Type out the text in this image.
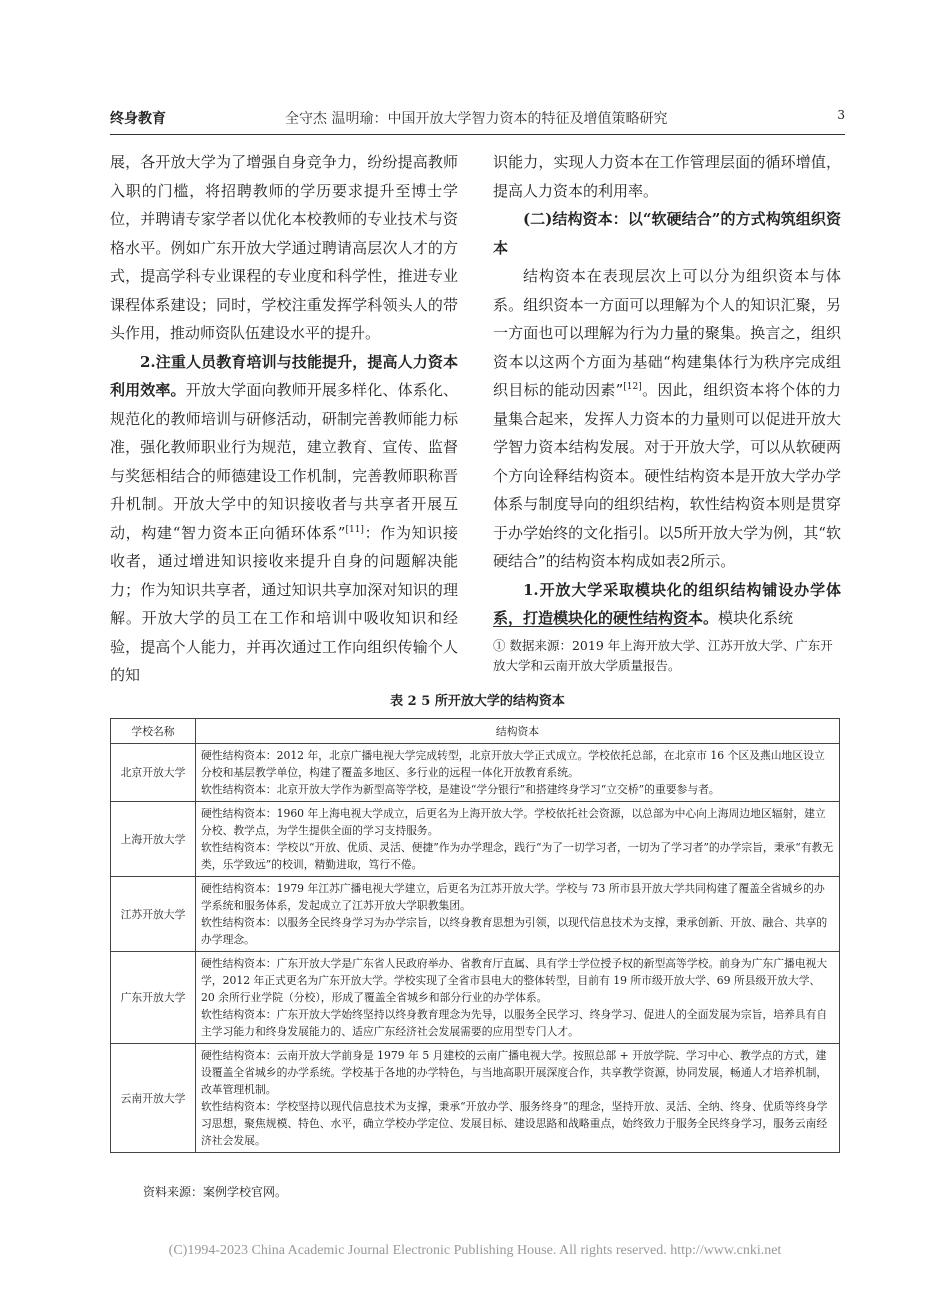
终身教育	全守杰 温明瑜：中国开放大学智力资本的特征及增值策略研究	3

展，各开放大学为了增强自身竞争力，纷纷提高教师入职的门槛，将招聘教师的学历要求提升至博士学位，并聘请专家学者以优化本校教师的专业技术与资格水平。例如广东开放大学通过聘请高层次人才的方式，提高学科专业课程的专业度和科学性，推进专业课程体系建设；同时，学校注重发挥学科领头人的带头作用，推动师资队伍建设水平的提升。

2.注重人员教育培训与技能提升，提高人力资本利用效率。开放大学面向教师开展多样化、体系化、规范化的教师培训与研修活动，研制完善教师能力标准，强化教师职业行为规范，建立教育、宣传、监督与奖惩相结合的师德建设工作机制，完善教师职称晋升机制。开放大学中的知识接收者与共享者开展互动，构建“智力资本正向循环体系”[11]：作为知识接收者，通过增进知识接收来提升自身的问题解决能力；作为知识共享者，通过知识共享加深对知识的理解。开放大学的员工在工作和培训中吸收知识和经验，提高个人能力，并再次通过工作向组织传输个人的知

识能力，实现人力资本在工作管理层面的循环增值，提高人力资本的利用率。

(二)结构资本：以“软硬结合”的方式构筑组织资本

结构资本在表现层次上可以分为组织资本与体系。组织资本一方面可以理解为个人的知识汇聚，另一方面也可以理解为行为力量的聚集。换言之，组织资本以这两个方面为基础“构建集体行为秩序完成组织目标的能动因素”[12]。因此，组织资本将个体的力量集合起来，发挥人力资本的力量则可以促进开放大学智力资本结构发展。对于开放大学，可以从软硬两个方向诠释结构资本。硬性结构资本是开放大学办学体系与制度导向的组织结构，软性结构资本则是贯穿于办学始终的文化指引。以5所开放大学为例，其“软硬结合”的结构资本构成如表2所示。

1.开放大学采取模块化的组织结构铺设办学体系，打造模块化的硬性结构资本。模块化系统

① 数据来源：2019 年上海开放大学、江苏开放大学、广东开放大学和云南开放大学质量报告。
表 2 5 所开放大学的结构资本
学校名称	结构资本
北京开放大学	硬性结构资本：2012 年，北京广播电视大学完成转型，北京开放大学正式成立。学校依托总部，在北京市 16 个区及燕山地区设立分校和基层教学单位，构建了覆盖多地区、多行业的远程一体化开放教育系统。
软性结构资本：北京开放大学作为新型高等学校，是建设“学分银行”和搭建终身学习“立交桥”的重要参与者。

上海开放大学	硬性结构资本：1960 年上海电视大学成立，后更名为上海开放大学。学校依托社会资源，以总部为中心向上海周边地区辐射，建立分校、教学点，为学生提供全面的学习支持服务。
软性结构资本：学校以“开放、优质、灵活、便捷”作为办学理念，践行“为了一切学习者，一切为了学习者”的办学宗旨，秉承“有教无类，乐学致远”的校训，精勤进取，笃行不倦。

江苏开放大学	硬性结构资本：1979 年江苏广播电视大学建立，后更名为江苏开放大学。学校与 73 所市县开放大学共同构建了覆盖全省城乡的办学系统和服务体系，发起成立了江苏开放大学职教集团。
软性结构资本：以服务全民终身学习为办学宗旨，以终身教育思想为引领，以现代信息技术为支撑，秉承创新、开放、融合、共享的办学理念。

广东开放大学	硬性结构资本：广东开放大学是广东省人民政府举办、省教育厅直属、具有学士学位授予权的新型高等学校。前身为广东广播电视大学，2012 年正式更名为广东开放大学。学校实现了全省市县电大的整体转型，目前有 19 所市级开放大学、69 所县级开放大学、20 余所行业学院（分校），形成了覆盖全省城乡和部分行业的办学体系。
软性结构资本：广东开放大学始终坚持以终身教育理念为先导，以服务全民学习、终身学习、促进人的全面发展为宗旨，培养具有自主学习能力和终身发展能力的、适应广东经济社会发展需要的应用型专门人才。

云南开放大学	硬性结构资本：云南开放大学前身是 1979 年 5 月建校的云南广播电视大学。按照总部 + 开放学院、学习中心、教学点的方式，建设覆盖全省城乡的办学系统。学校基于各地的办学特色，与当地高职开展深度合作，共享教学资源，协同发展，畅通人才培养机制，改革管理机制。
软性结构资本：学校坚持以现代信息技术为支撑，秉承“开放办学、服务终身”的理念，坚持开放、灵活、全纳、终身、优质等终身学习思想，聚焦规模、特色、水平，确立学校办学定位、发展目标、建设思路和战略重点，始终致力于服务全民终身学习，服务云南经济社会发展。
资料来源：案例学校官网。
(C)1994-2023 China Academic Journal Electronic Publishing House. All rights reserved. http://www.cnki.net
